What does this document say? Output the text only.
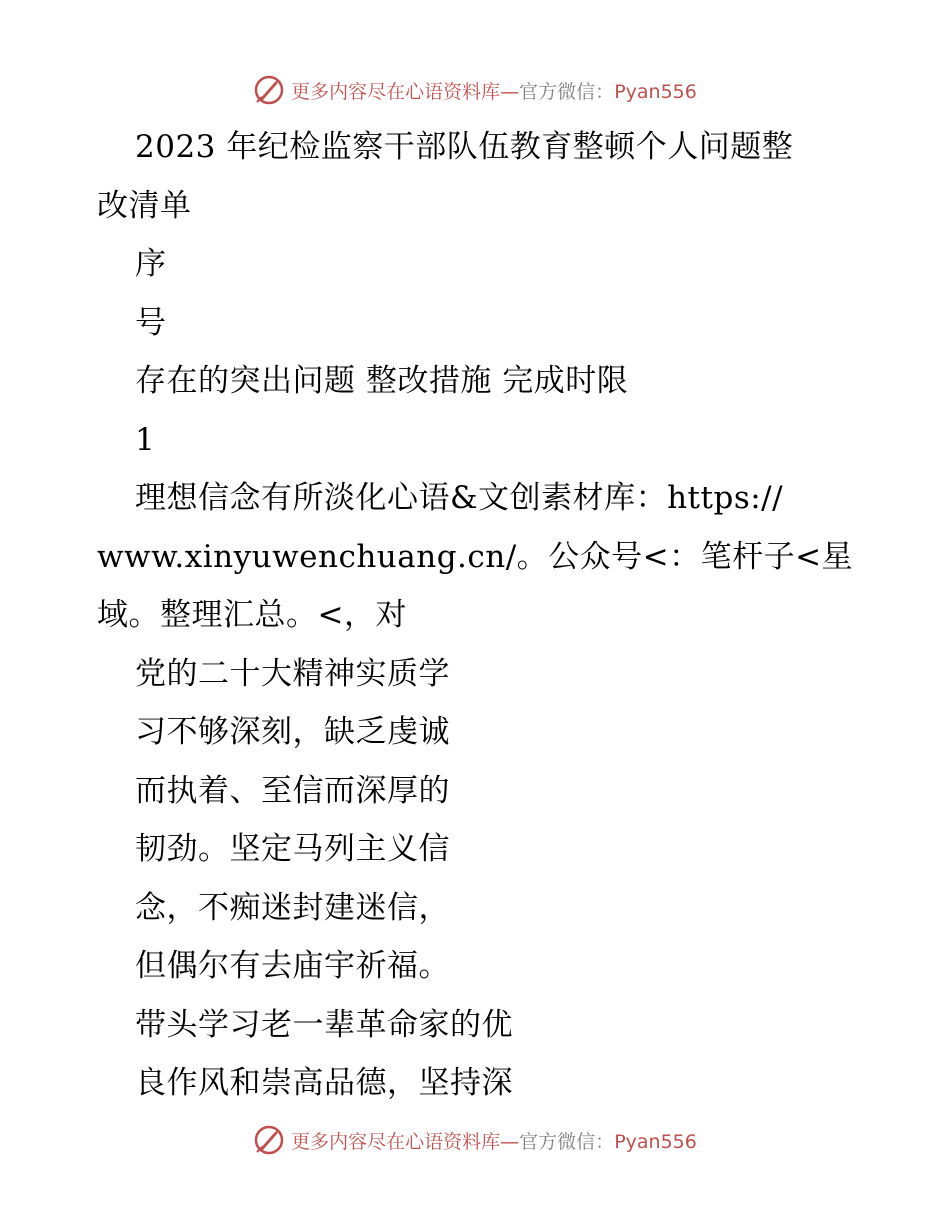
更多内容尽在心语资料库—官方微信：Pyan556
2023 年纪检监察干部队伍教育整顿个人问题整
改清单
序
号
存在的突出问题 整改措施 完成时限
1
理想信念有所淡化心语&文创素材库：https://
www.xinyuwenchuang.cn/。公众号<：笔杆子<星
域。整理汇总。<，对
党的二十大精神实质学
习不够深刻，缺乏虔诚
而执着、至信而深厚的
韧劲。坚定马列主义信
念，不痴迷封建迷信，
但偶尔有去庙宇祈福。
带头学习老一辈革命家的优
良作风和崇高品德，坚持深
更多内容尽在心语资料库—官方微信：Pyan556
